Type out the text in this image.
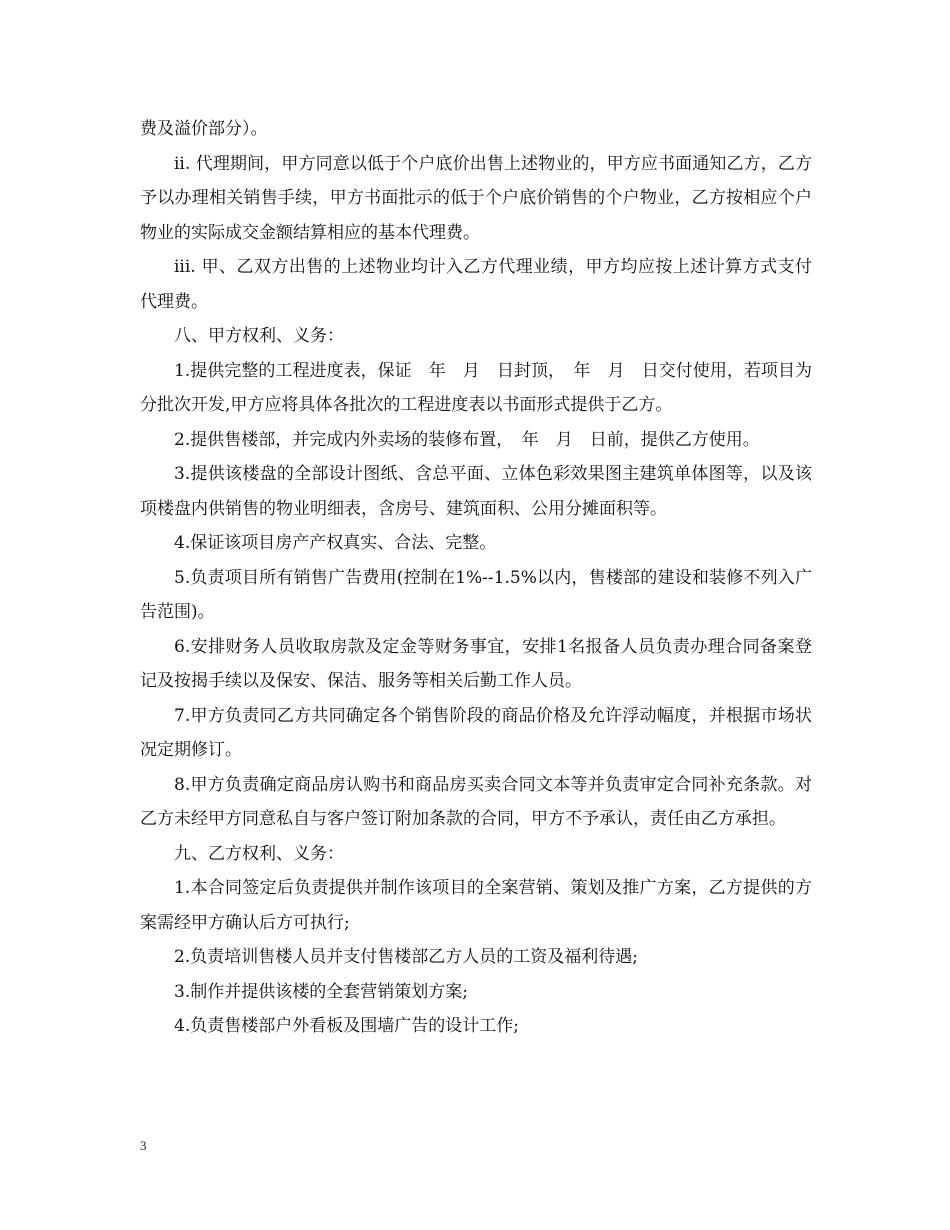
费及溢价部分）。

ii. 代理期间，甲方同意以低于个户底价出售上述物业的，甲方应书面通知乙方，乙方予以办理相关销售手续，甲方书面批示的低于个户底价销售的个户物业，乙方按相应个户物业的实际成交金额结算相应的基本代理费。

iii. 甲、乙双方出售的上述物业均计入乙方代理业绩，甲方均应按上述计算方式支付代理费。

八、甲方权利、义务：

1.提供完整的工程进度表，保证　年　月　日封顶，　年　月　日交付使用，若项目为分批次开发,甲方应将具体各批次的工程进度表以书面形式提供于乙方。

2.提供售楼部，并完成内外卖场的装修布置，　年　月　日前，提供乙方使用。

3.提供该楼盘的全部设计图纸、含总平面、立体色彩效果图主建筑单体图等，以及该项楼盘内供销售的物业明细表，含房号、建筑面积、公用分摊面积等。

4.保证该项目房产产权真实、合法、完整。

5.负责项目所有销售广告费用(控制在1%--1.5%以内，售楼部的建设和装修不列入广告范围)。

6.安排财务人员收取房款及定金等财务事宜，安排1名报备人员负责办理合同备案登记及按揭手续以及保安、保洁、服务等相关后勤工作人员。

7.甲方负责同乙方共同确定各个销售阶段的商品价格及允许浮动幅度，并根据市场状况定期修订。

8.甲方负责确定商品房认购书和商品房买卖合同文本等并负责审定合同补充条款。对乙方未经甲方同意私自与客户签订附加条款的合同，甲方不予承认，责任由乙方承担。

九、乙方权利、义务：

1.本合同签定后负责提供并制作该项目的全案营销、策划及推广方案，乙方提供的方案需经甲方确认后方可执行;

2.负责培训售楼人员并支付售楼部乙方人员的工资及福利待遇;

3.制作并提供该楼的全套营销策划方案;

4.负责售楼部户外看板及围墙广告的设计工作;

3
